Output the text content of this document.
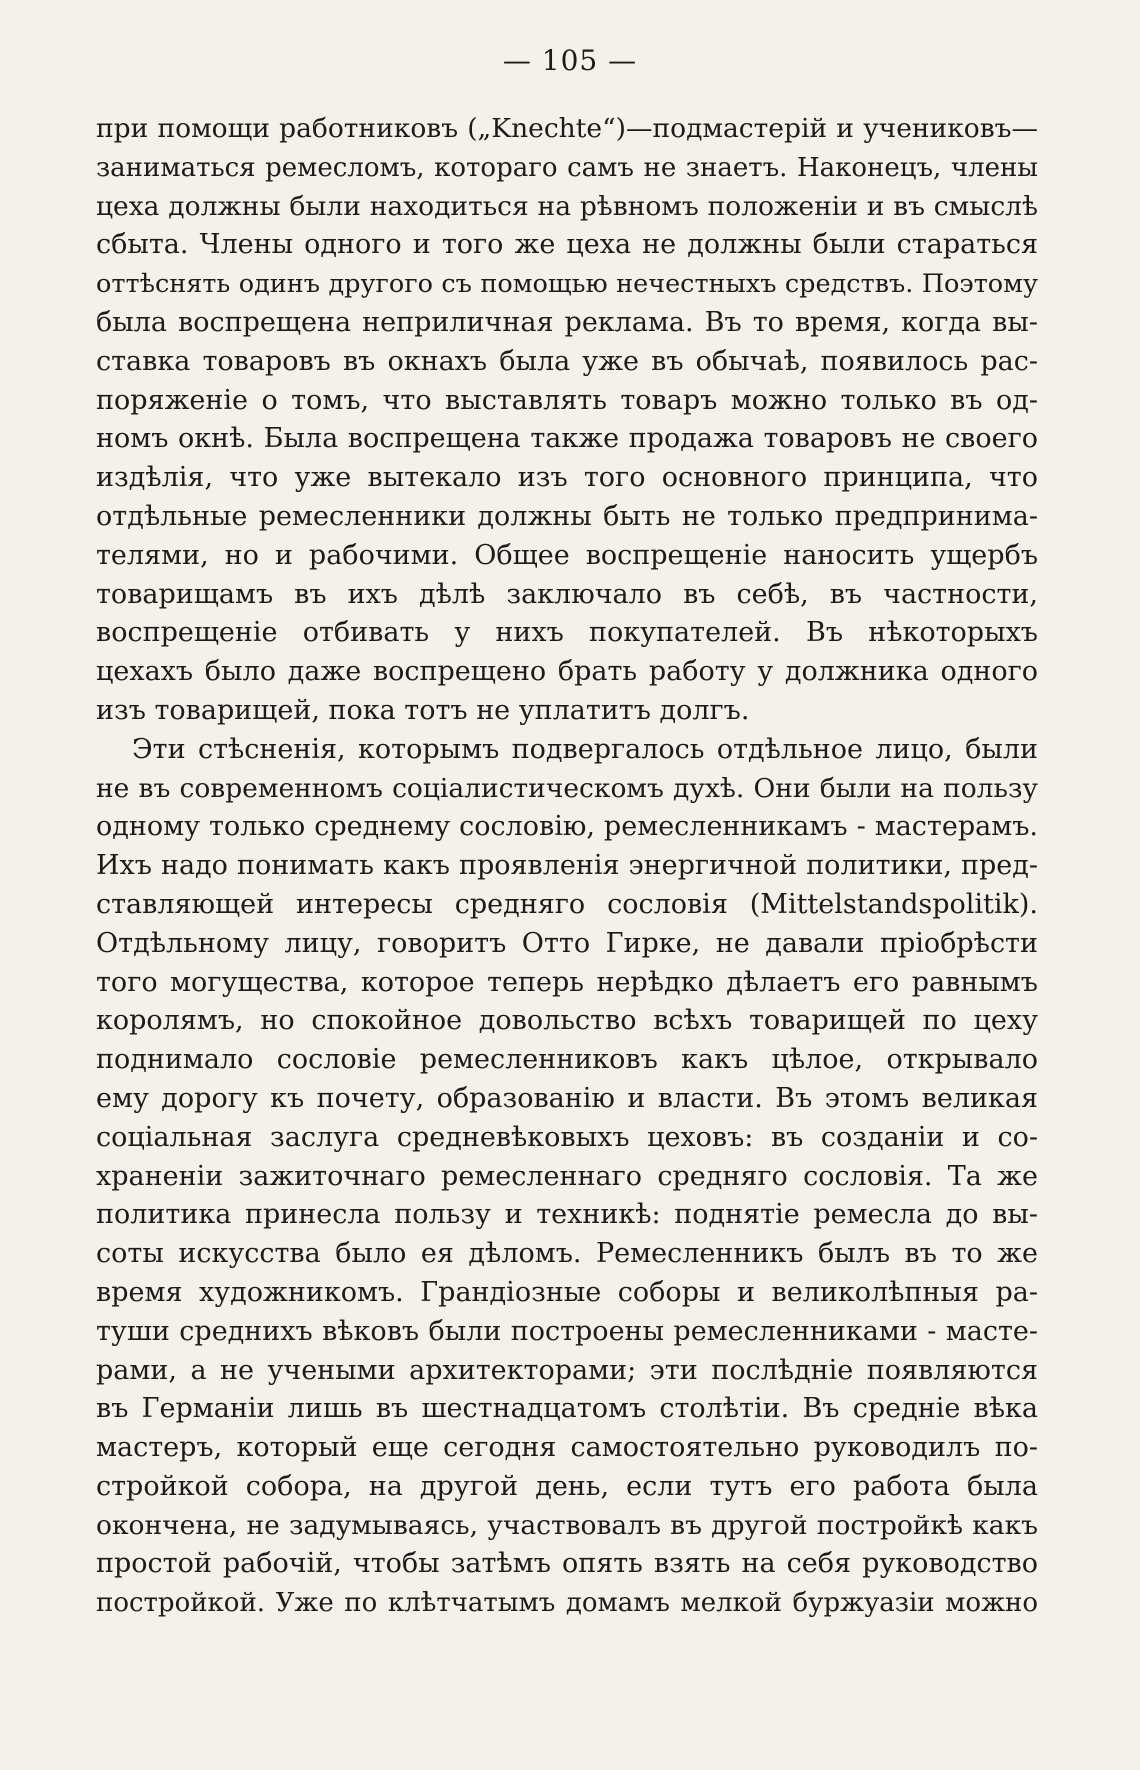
— 105 —
при помощи работниковъ („Knechte“)—подмастерій и учениковъ—
заниматься ремесломъ, котораго самъ не знаетъ. Наконецъ, члены
цеха должны были находиться на рѣвномъ положеніи и въ смыслѣ
сбыта. Члены одного и того же цеха не должны были стараться
оттѣснять одинъ другого съ помощью нечестныхъ средствъ. Поэтому
была воспрещена неприличная реклама. Въ то время, когда вы-
ставка товаровъ въ окнахъ была уже въ обычаѣ, появилось рас-
поряженіе о томъ, что выставлять товаръ можно только въ од-
номъ окнѣ. Была воспрещена также продажа товаровъ не своего
издѣлія, что уже вытекало изъ того основного принципа, что
отдѣльные ремесленники должны быть не только предпринима-
телями, но и рабочими. Общее воспрещеніе наносить ущербъ
товарищамъ въ ихъ дѣлѣ заключало въ себѣ, въ частности,
воспрещеніе отбивать у нихъ покупателей. Въ нѣкоторыхъ
цехахъ было даже воспрещено брать работу у должника одного
изъ товарищей, пока тотъ не уплатитъ долгъ.
Эти стѣсненія, которымъ подвергалось отдѣльное лицо, были
не въ современномъ соціалистическомъ духѣ. Они были на пользу
одному только среднему сословію, ремесленникамъ - мастерамъ.
Ихъ надо понимать какъ проявленія энергичной политики, пред-
ставляющей интересы средняго сословія (Mittelstandspolitik).
Отдѣльному лицу, говоритъ Отто Гирке, не давали пріобрѣсти
того могущества, которое теперь нерѣдко дѣлаетъ его равнымъ
королямъ, но спокойное довольство всѣхъ товарищей по цеху
поднимало сословіе ремесленниковъ какъ цѣлое, открывало
ему дорогу къ почету, образованію и власти. Въ этомъ великая
соціальная заслуга средневѣковыхъ цеховъ: въ созданіи и со-
храненіи зажиточнаго ремесленнаго средняго сословія. Та же
политика принесла пользу и техникѣ: поднятіе ремесла до вы-
соты искусства было ея дѣломъ. Ремесленникъ былъ въ то же
время художникомъ. Грандіозные соборы и великолѣпныя ра-
туши среднихъ вѣковъ были построены ремесленниками - масте-
рами, а не учеными архитекторами; эти послѣдніе появляются
въ Германіи лишь въ шестнадцатомъ столѣтіи. Въ средніе вѣка
мастеръ, который еще сегодня самостоятельно руководилъ по-
стройкой собора, на другой день, если тутъ его работа была
окончена, не задумываясь, участвовалъ въ другой постройкѣ какъ
простой рабочій, чтобы затѣмъ опять взять на себя руководство
постройкой. Уже по клѣтчатымъ домамъ мелкой буржуазіи можно
